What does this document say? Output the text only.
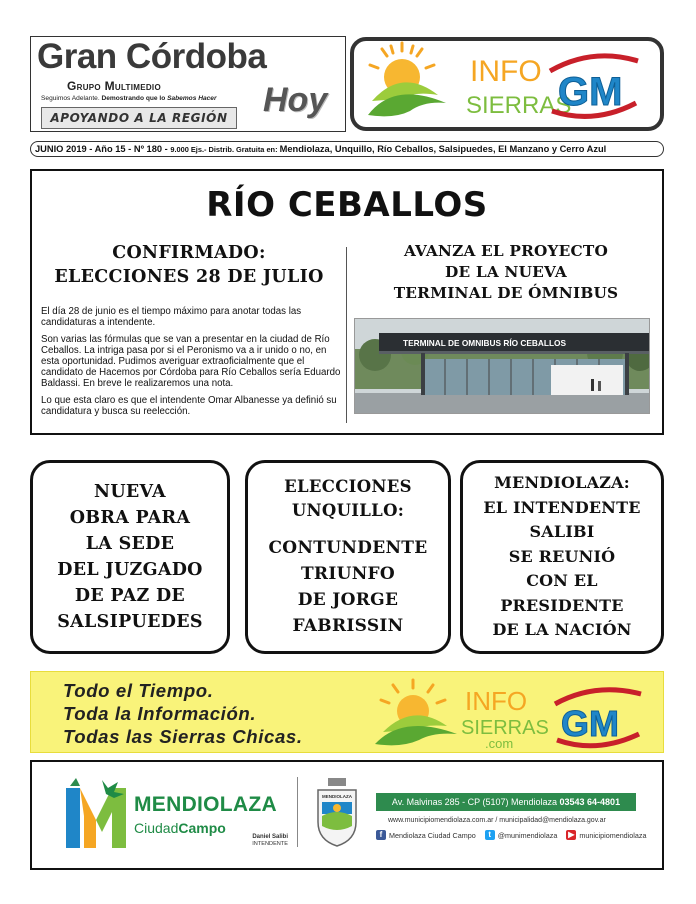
Gran Córdoba
Grupo Multimedio
Seguimos Adelante. Demostrando que lo Sabemos Hacer
APOYANDO A LA REGIÓN Hoy
INFO
SIERRAS
GM
JUNIO 2019 - Año 15 - Nº 180 - 9.000 Ejs.- Distrib. Gratuita en: Mendiolaza, Unquillo, Río Ceballos, Salsipuedes, El Manzano y Cerro Azul
RÍO CEBALLOS
CONFIRMADO:
ELECCIONES 28 DE JULIO

El día 28 de junio es el tiempo máximo para anotar todas las candidaturas a intendente.

Son varias las fórmulas que se van a presentar en la ciudad de Río Ceballos. La intriga pasa por si el Peronismo va a ir unido o no, en esta oportunidad. Pudimos averiguar extraoficialmente que el candidato de Hacemos por Córdoba para Río Ceballos sería Eduardo Baldassi. En breve le realizaremos una nota.

Lo que esta claro es que el intendente Omar Albanesse ya definió su candidatura y busca su reelección.

AVANZA EL PROYECTO
DE LA NUEVA
TERMINAL DE ÓMNIBUS
TERMINAL DE OMNIBUS RÍO CEBALLOS
NUEVA
OBRA PARA
LA SEDE
DEL JUZGADO
DE PAZ DE
SALSIPUEDES
ELECCIONES
UNQUILLO:
CONTUNDENTE
TRIUNFO
DE JORGE
FABRISSIN
MENDIOLAZA:
EL INTENDENTE
SALIBI
SE REUNIÓ
CON EL
PRESIDENTE
DE LA NACIÓN
Todo el Tiempo.
Toda la Información.
Todas las Sierras Chicas.
INFO
SIERRAS
.com GM
MENDIOLAZA
CiudadCampo
Daniel Salibi
INTENDENTE
MENDIOLAZA
Av. Malvinas 285 - CP (5107) Mendiolaza 03543 64-4801
www.municipiomendiolaza.com.ar / municipalidad@mendiolaza.gov.ar
f Mendiolaza Ciudad Campo	t @munimendiolaza ▶ municipiomendiolaza
